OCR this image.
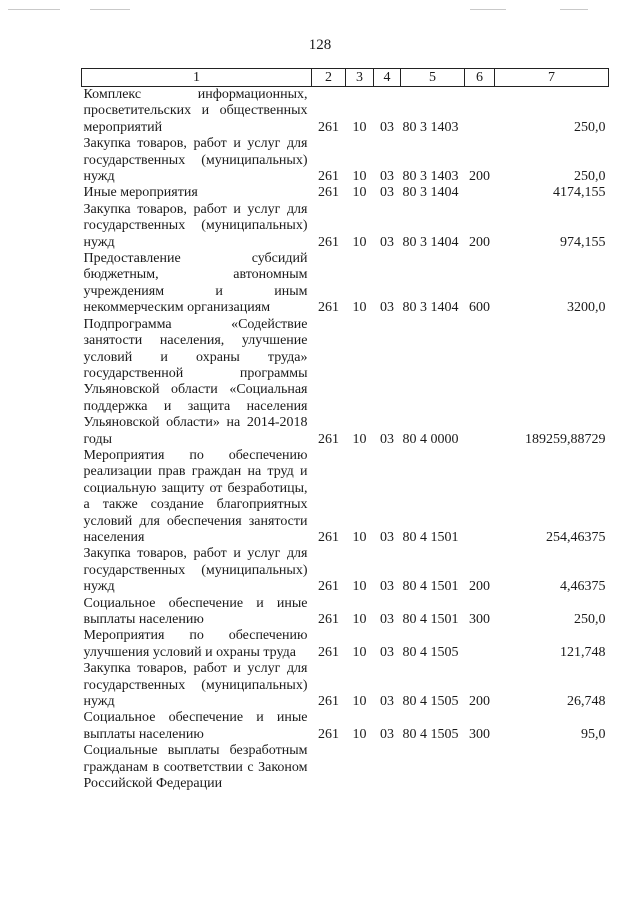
128
1	2	3	4	5	6	7
Комплекс информационных, просветительских и общественных мероприятий	261	10	03	80 3 1403		250,0
Закупка товаров, работ и услуг для государственных (муниципальных) нужд	261	10	03	80 3 1403	200	250,0
Иные мероприятия	261	10	03	80 3 1404		4174,155
Закупка товаров, работ и услуг для государственных (муниципальных) нужд	261	10	03	80 3 1404	200	974,155
Предоставление субсидий бюджетным, автономным учреждениям и иным некоммерческим организациям	261	10	03	80 3 1404	600	3200,0
Подпрограмма «Содействие занятости населения, улучшение условий и охраны труда» государственной программы Ульяновской области «Социальная поддержка и защита населения Ульяновской области» на 2014-2018 годы	261	10	03	80 4 0000		189259,88729
Мероприятия по обеспечению реализации прав граждан на труд и социальную защиту от безработицы, а также создание благоприятных условий для обеспечения занятости населения	261	10	03	80 4 1501		254,46375
Закупка товаров, работ и услуг для государственных (муниципальных) нужд	261	10	03	80 4 1501	200	4,46375
Социальное обеспечение и иные выплаты населению	261	10	03	80 4 1501	300	250,0
Мероприятия по обеспечению улучшения условий и охраны труда	261	10	03	80 4 1505		121,748
Закупка товаров, работ и услуг для государственных (муниципальных) нужд	261	10	03	80 4 1505	200	26,748
Социальное обеспечение и иные выплаты населению	261	10	03	80 4 1505	300	95,0
Социальные выплаты безработным гражданам в соответствии с Законом Российской Федерации						
